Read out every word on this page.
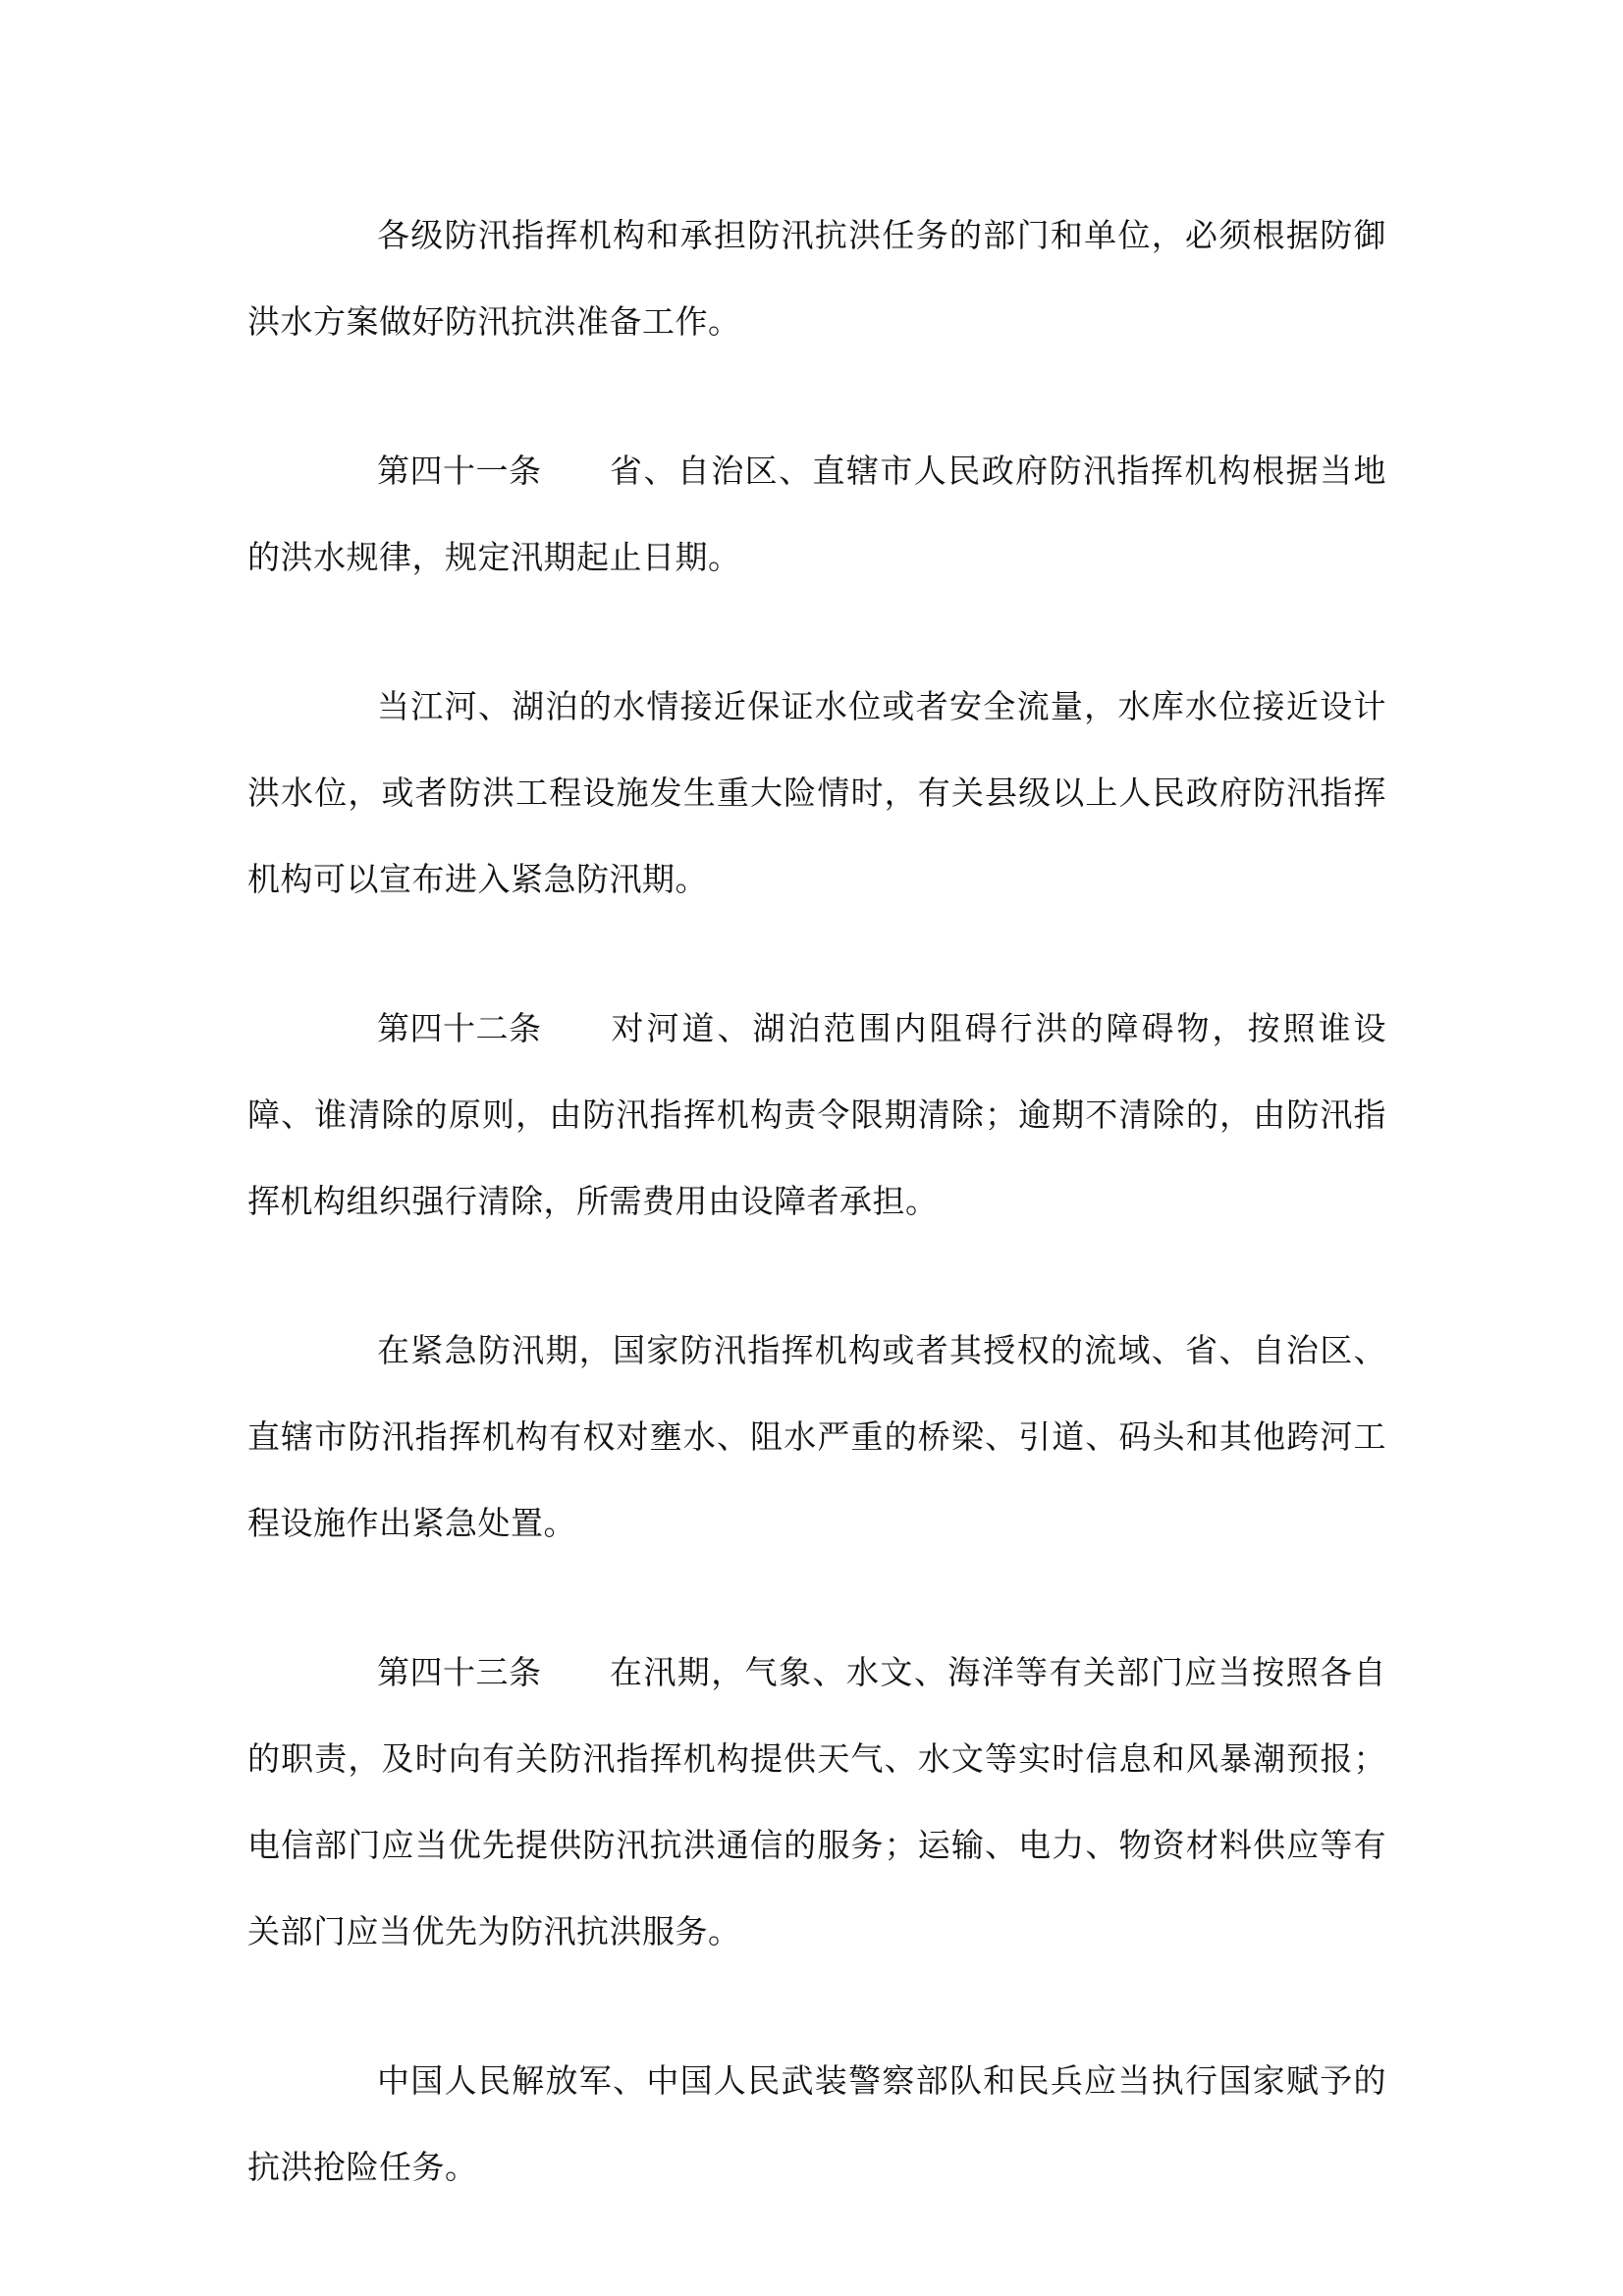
各级防汛指挥机构和承担防汛抗洪任务的部门和单位，必须根据防御洪水方案做好防汛抗洪准备工作。

第四十一条 省、自治区、直辖市人民政府防汛指挥机构根据当地的洪水规律，规定汛期起止日期。

当江河、湖泊的水情接近保证水位或者安全流量，水库水位接近设计洪水位，或者防洪工程设施发生重大险情时，有关县级以上人民政府防汛指挥机构可以宣布进入紧急防汛期。

第四十二条 对河道、湖泊范围内阻碍行洪的障碍物，按照谁设障、谁清除的原则，由防汛指挥机构责令限期清除；逾期不清除的，由防汛指挥机构组织强行清除，所需费用由设障者承担。

在紧急防汛期，国家防汛指挥机构或者其授权的流域、省、自治区、直辖市防汛指挥机构有权对壅水、阻水严重的桥梁、引道、码头和其他跨河工程设施作出紧急处置。

第四十三条 在汛期，气象、水文、海洋等有关部门应当按照各自的职责，及时向有关防汛指挥机构提供天气、水文等实时信息和风暴潮预报；电信部门应当优先提供防汛抗洪通信的服务；运输、电力、物资材料供应等有关部门应当优先为防汛抗洪服务。

中国人民解放军、中国人民武装警察部队和民兵应当执行国家赋予的抗洪抢险任务。
